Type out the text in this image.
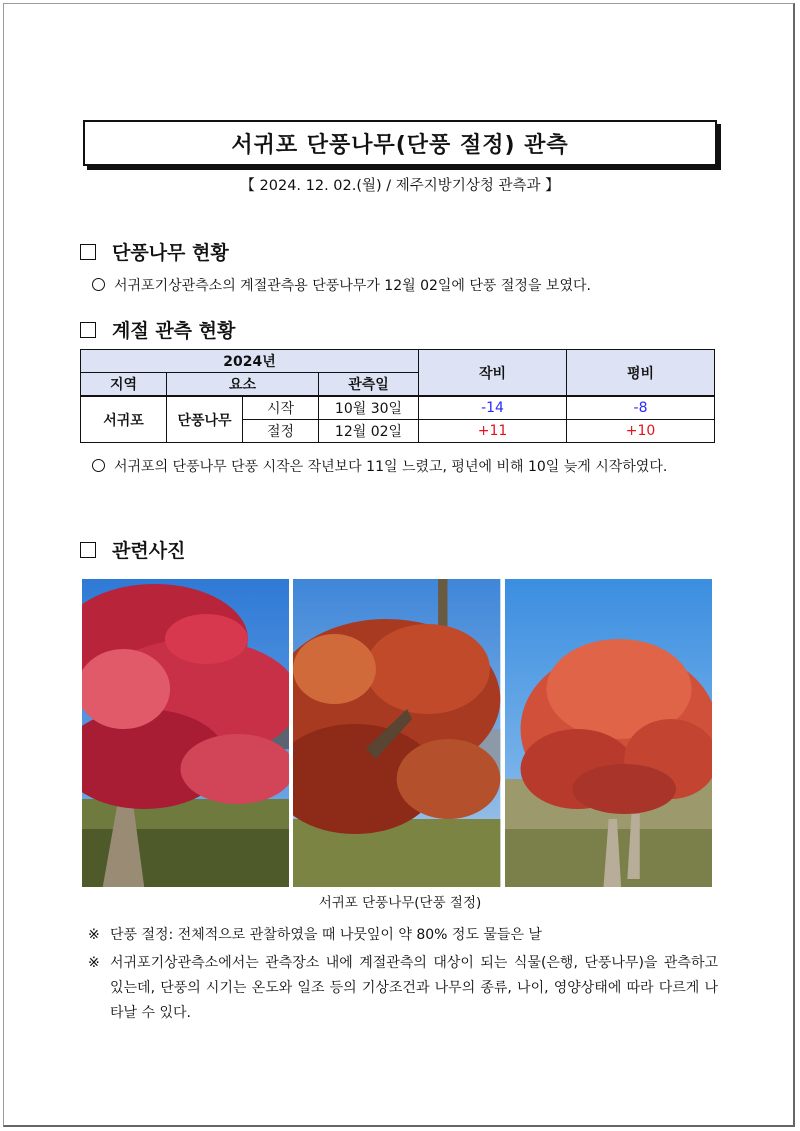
서귀포 단풍나무(단풍 절정) 관측
【 2024. 12. 02.(월) / 제주지방기상청 관측과 】
단풍나무 현황
서귀포기상관측소의 계절관측용 단풍나무가 12월 02일에 단풍 절정을 보였다.
계절 관측 현황
2024년				작비	평비
지역	요소		관측일		
서귀포	단풍나무	시작	10월 30일	-14	-8
		절정	12월 02일	+11	+10
서귀포의 단풍나무 단풍 시작은 작년보다 11일 느렸고, 평년에 비해 10일 늦게 시작하였다.
관련사진
서귀포 단풍나무(단풍 절정)
※ 단풍 절정: 전체적으로 관찰하였을 때 나뭇잎이 약 80% 정도 물들은 날
※ 서귀포기상관측소에서는 관측장소 내에 계절관측의 대상이 되는 식물(은행, 단풍나무)을 관측하고 있는데, 단풍의 시기는 온도와 일조 등의 기상조건과 나무의 종류, 나이, 영양상태에 따라 다르게 나타날 수 있다.
